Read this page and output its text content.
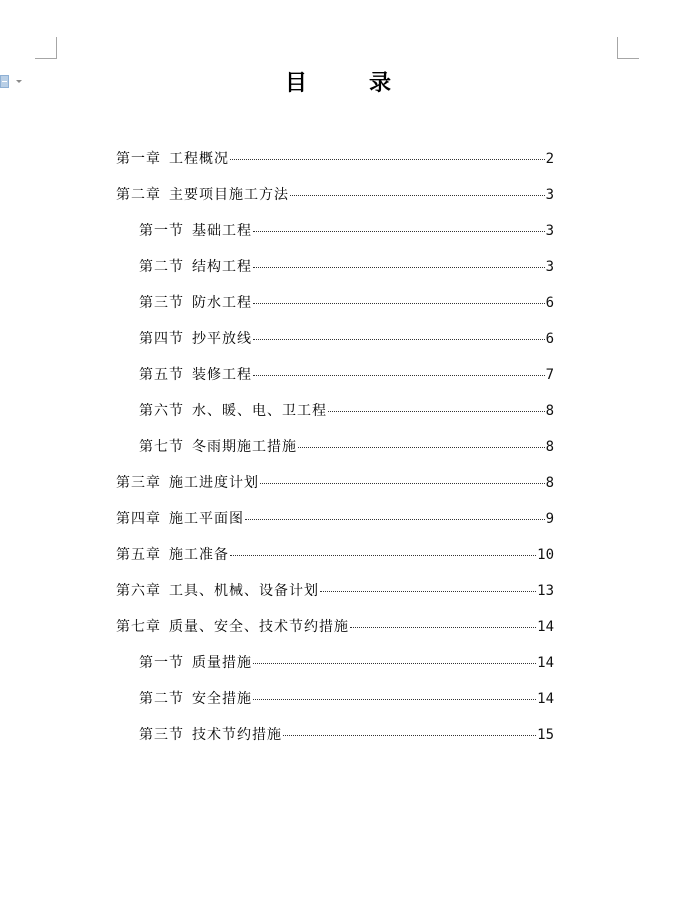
目	录
第一章 工程概况	2
第二章 主要项目施工方法	3
第一节 基础工程	3
第二节 结构工程	3
第三节 防水工程	6
第四节 抄平放线	6
第五节 装修工程	7
第六节 水、暖、电、卫工程	8
第七节 冬雨期施工措施	8
第三章 施工进度计划	8
第四章 施工平面图	9
第五章 施工准备	10
第六章 工具、机械、设备计划	13
第七章 质量、安全、技术节约措施	14
第一节 质量措施	14
第二节 安全措施	14
第三节 技术节约措施	15
